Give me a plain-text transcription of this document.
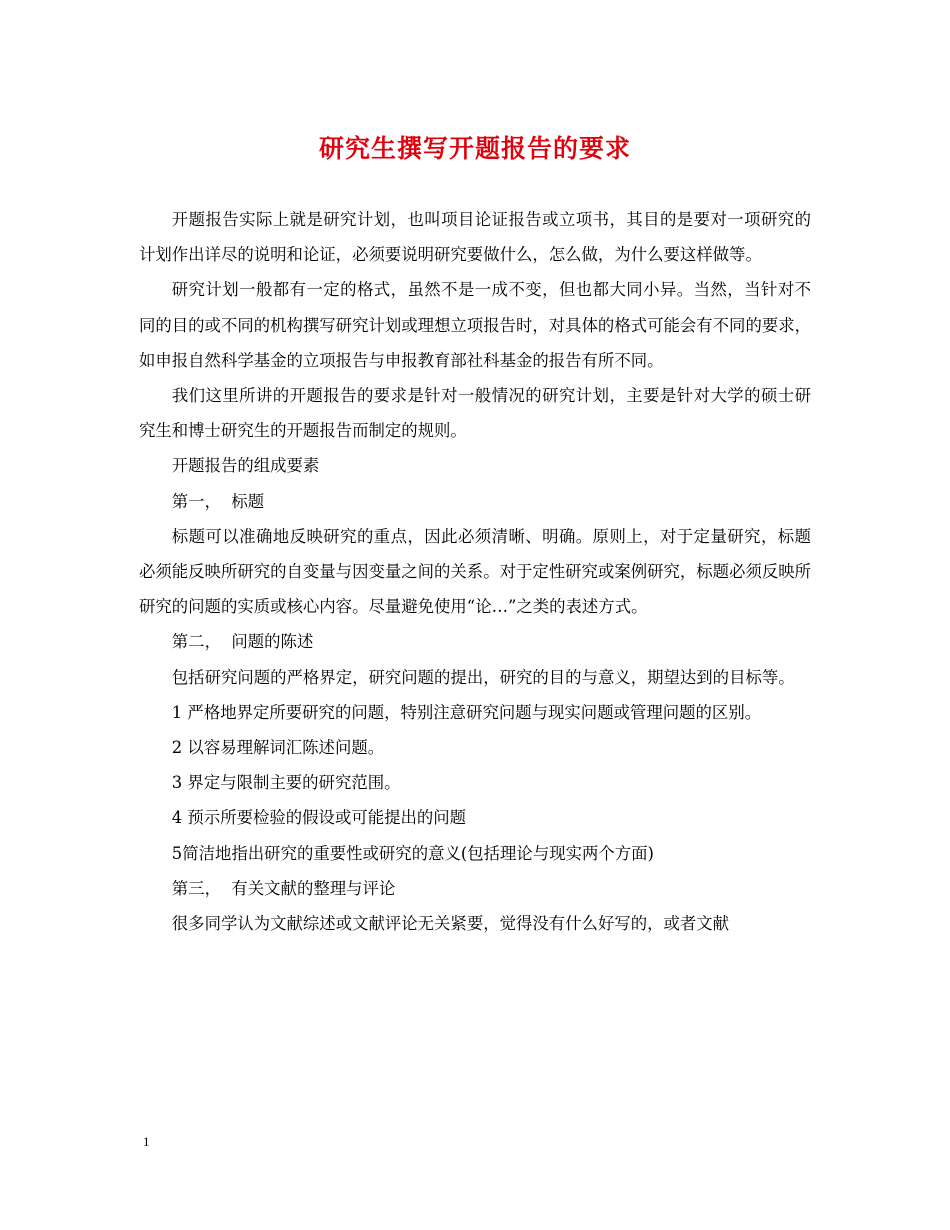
研究生撰写开题报告的要求

开题报告实际上就是研究计划，也叫项目论证报告或立项书，其目的是要对一项研究的计划作出详尽的说明和论证，必须要说明研究要做什么，怎么做，为什么要这样做等。

研究计划一般都有一定的格式，虽然不是一成不变，但也都大同小异。当然，当针对不同的目的或不同的机构撰写研究计划或理想立项报告时，对具体的格式可能会有不同的要求，如申报自然科学基金的立项报告与申报教育部社科基金的报告有所不同。

我们这里所讲的开题报告的要求是针对一般情况的研究计划，主要是针对大学的硕士研究生和博士研究生的开题报告而制定的规则。

开题报告的组成要素

第一，  标题

标题可以准确地反映研究的重点，因此必须清晰、明确。原则上，对于定量研究，标题必须能反映所研究的自变量与因变量之间的关系。对于定性研究或案例研究，标题必须反映所研究的问题的实质或核心内容。尽量避免使用“论…”之类的表述方式。

第二，  问题的陈述

包括研究问题的严格界定，研究问题的提出，研究的目的与意义，期望达到的目标等。

1 严格地界定所要研究的问题，特别注意研究问题与现实问题或管理问题的区别。

2 以容易理解词汇陈述问题。

3 界定与限制主要的研究范围。

4 预示所要检验的假设或可能提出的问题

5简洁地指出研究的重要性或研究的意义(包括理论与现实两个方面)

第三，  有关文献的整理与评论

很多同学认为文献综述或文献评论无关紧要，觉得没有什么好写的，或者文献

1
